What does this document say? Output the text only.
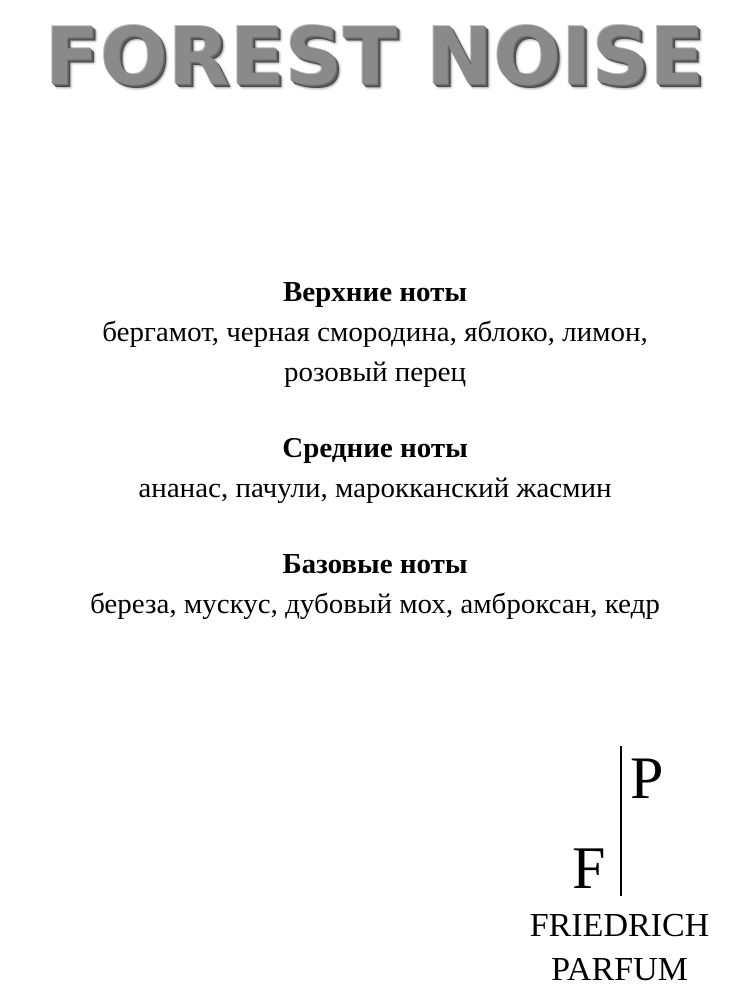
FOREST NOISE

Верхние ноты

бергамот, черная смородина, яблоко, лимон,

розовый перец

Средние ноты

ананас, пачули, марокканский жасмин

Базовые ноты

береза, мускус, дубовый мох, амброксан, кедр

P
F
FRIEDRICH
PARFUM
